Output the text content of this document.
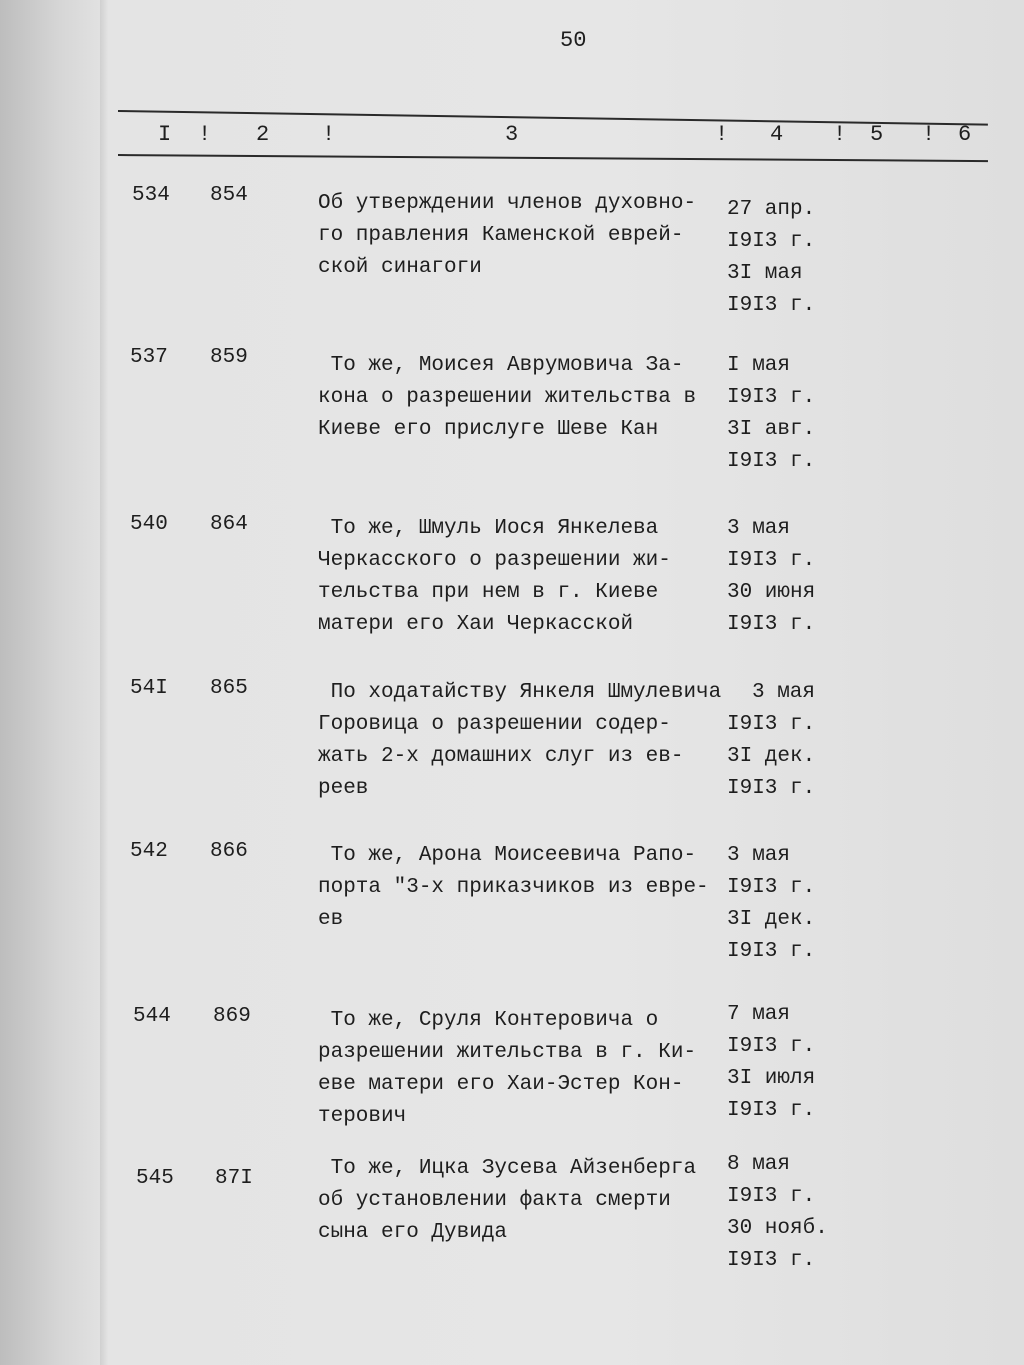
50
I ! 2 !	3	! 4 ! 5 ! 6
534 854	Об утверждении членов духовно-
го правления Каменской еврей-
ской синагоги
27 апр.
I9I3 г.
3I мая
I9I3 г.
537 859	То же, Моисея Аврумовича За-
кона о разрешении жительства в
Киеве его прислуге Шеве Кан
I мая
I9I3 г.
3I авг.
I9I3 г.
540 864	То же, Шмуль Иося Янкелева
Черкасского о разрешении жи-
тельства при нем в г. Киеве
матери его Хаи Черкасской
3 мая
I9I3 г.
30 июня
I9I3 г.
54I 865	По ходатайству Янкеля Шмулевича
Горовица о разрешении содер-
жать 2-х домашних слуг из ев-
реев
3 мая
I9I3 г.
3I дек.
I9I3 г.
542 866	То же, Арона Моисеевича Рапо-
порта "3-х приказчиков из евре-
ев
3 мая
I9I3 г.
3I дек.
I9I3 г.
544 869	То же, Сруля Контеровича о
разрешении жительства в г. Ки-
еве матери его Хаи-Эстер Кон-
терович
7 мая
I9I3 г.
3I июля
I9I3 г.
545 87I	То же, Ицка Зусева Айзенберга
об установлении факта смерти
сына его Дувида
8 мая
I9I3 г.
30 нояб.
I9I3 г.
